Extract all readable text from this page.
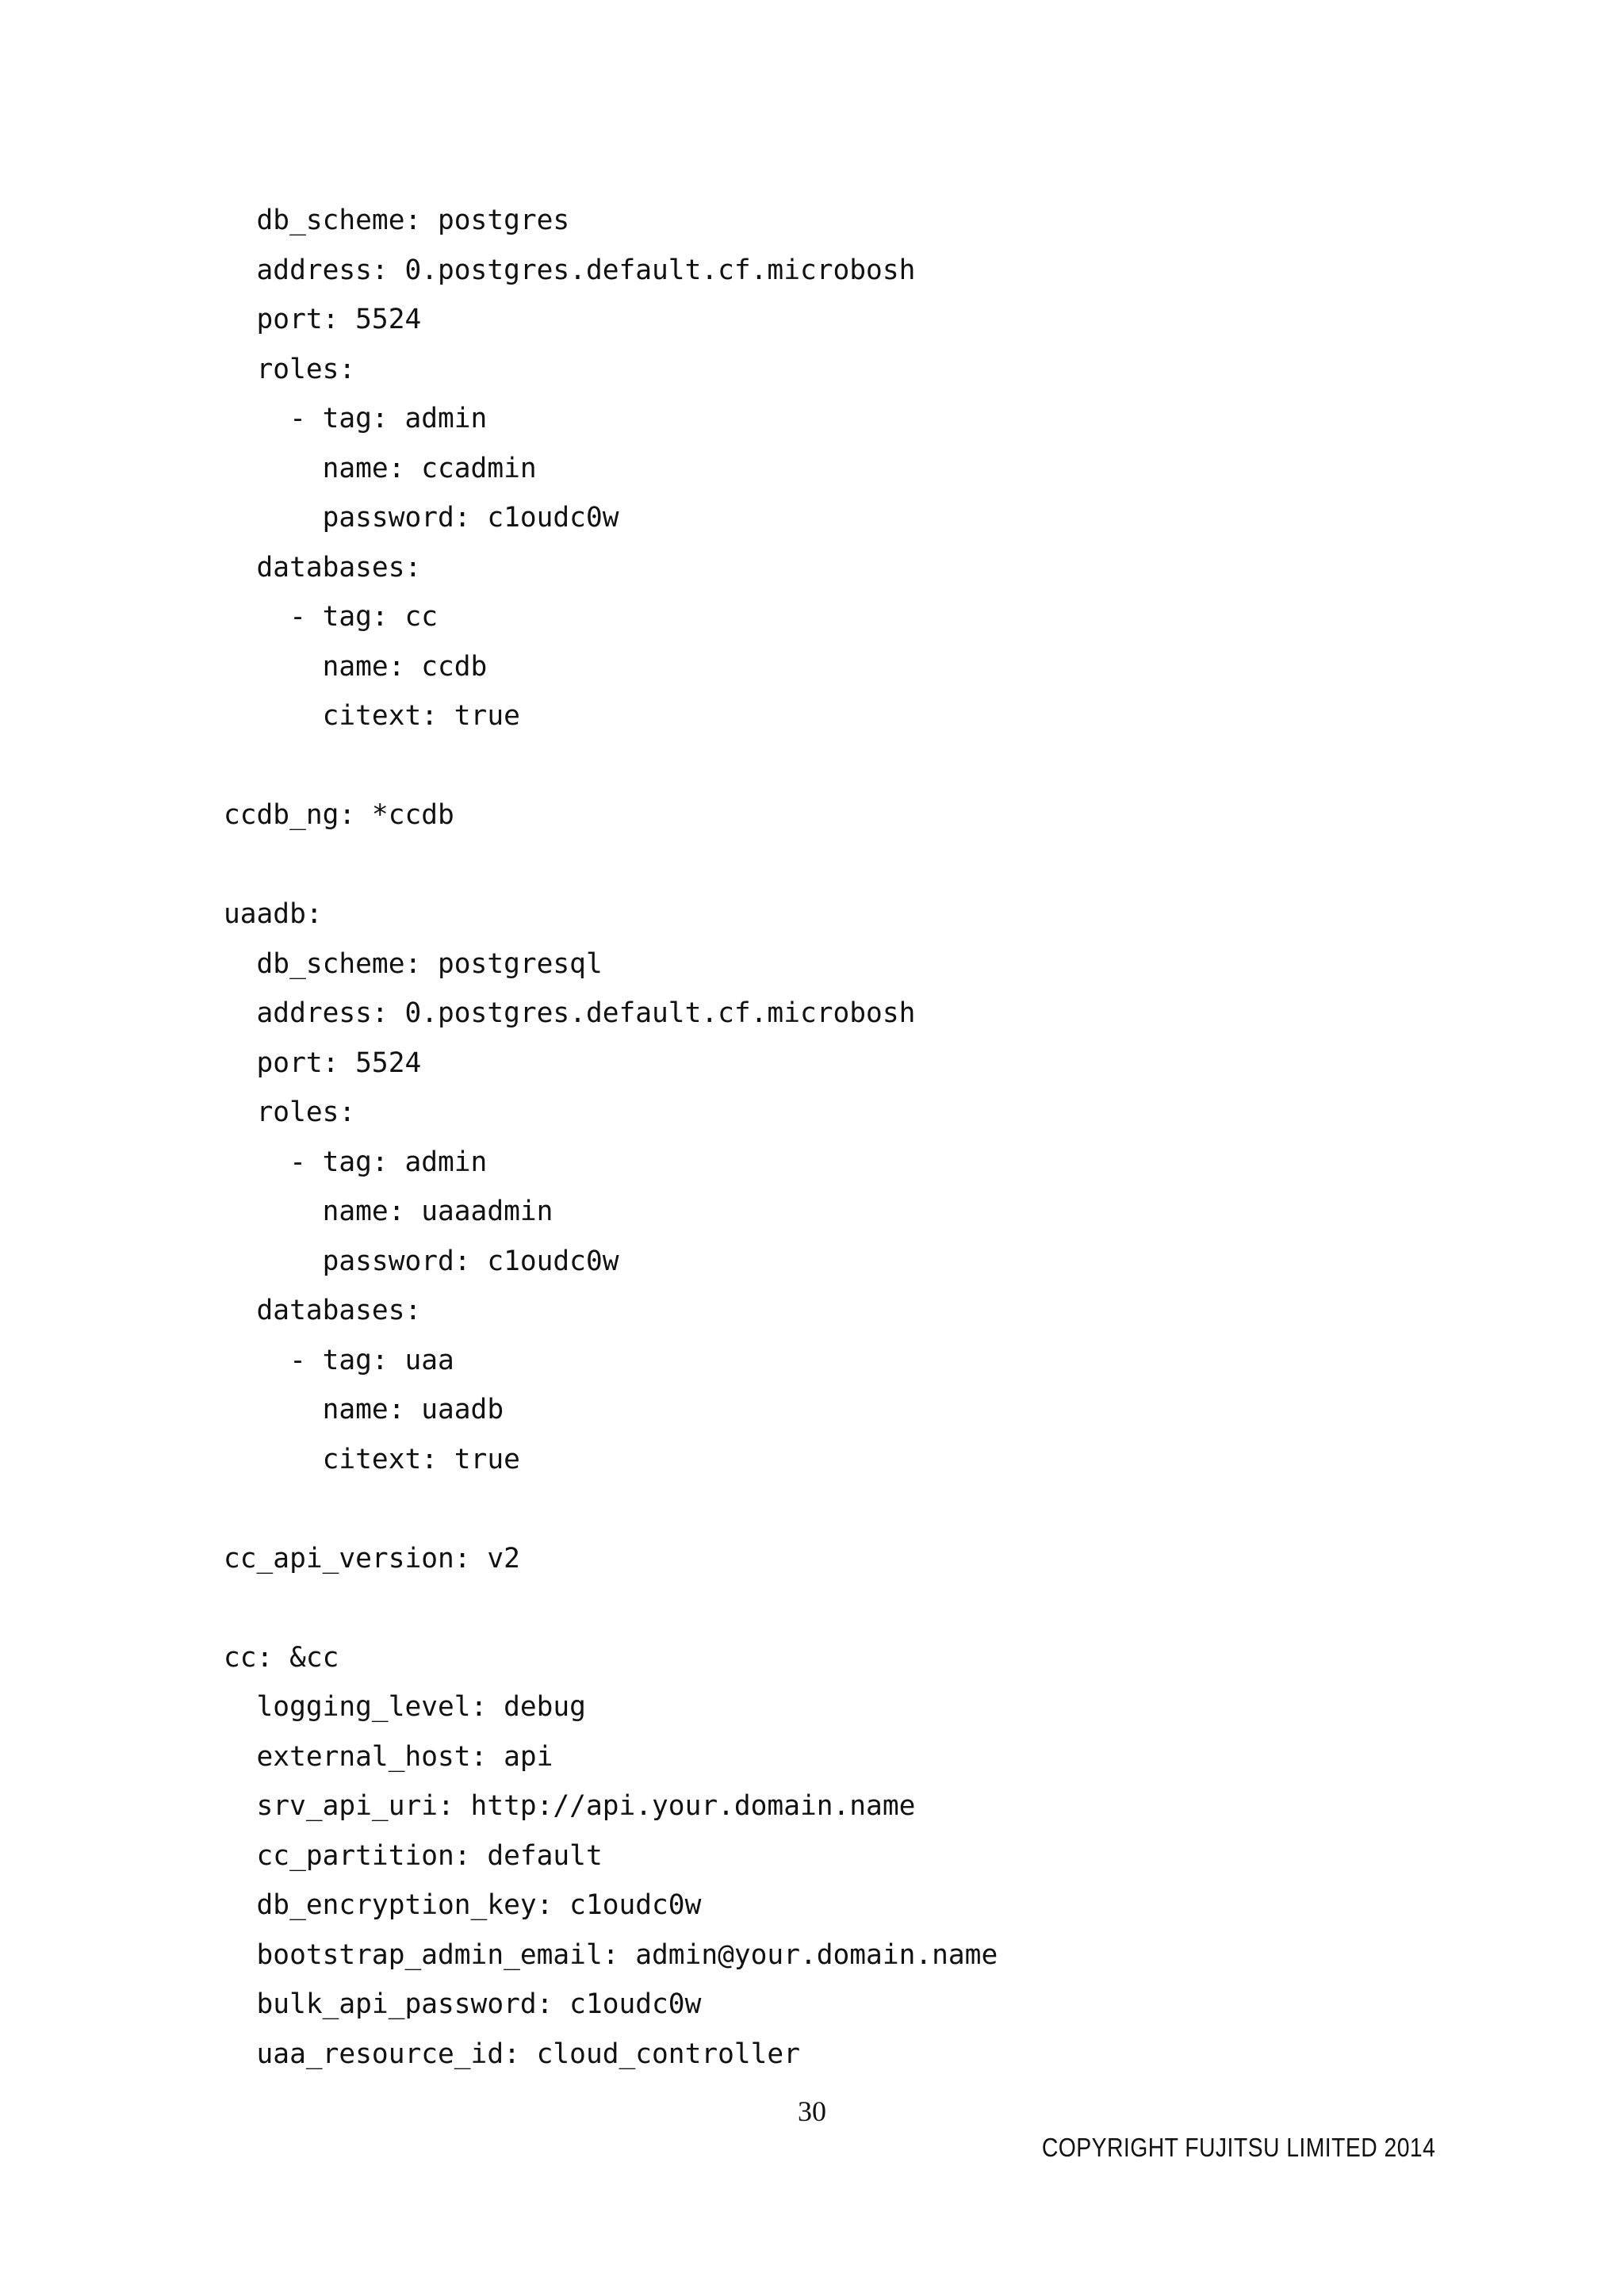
db_scheme: postgres
address: 0.postgres.default.cf.microbosh
port: 5524
roles:
- tag: admin
name: ccadmin
password: c1oudc0w
databases:
- tag: cc
name: ccdb
citext: true
ccdb_ng: *ccdb
uaadb:
db_scheme: postgresql
address: 0.postgres.default.cf.microbosh
port: 5524
roles:
- tag: admin
name: uaaadmin
password: c1oudc0w
databases:
- tag: uaa
name: uaadb
citext: true
cc_api_version: v2
cc: &cc
logging_level: debug
external_host: api
srv_api_uri: http://api.your.domain.name
cc_partition: default
db_encryption_key: c1oudc0w
bootstrap_admin_email: admin@your.domain.name
bulk_api_password: c1oudc0w
uaa_resource_id: cloud_controller
30
COPYRIGHT FUJITSU LIMITED 2014
